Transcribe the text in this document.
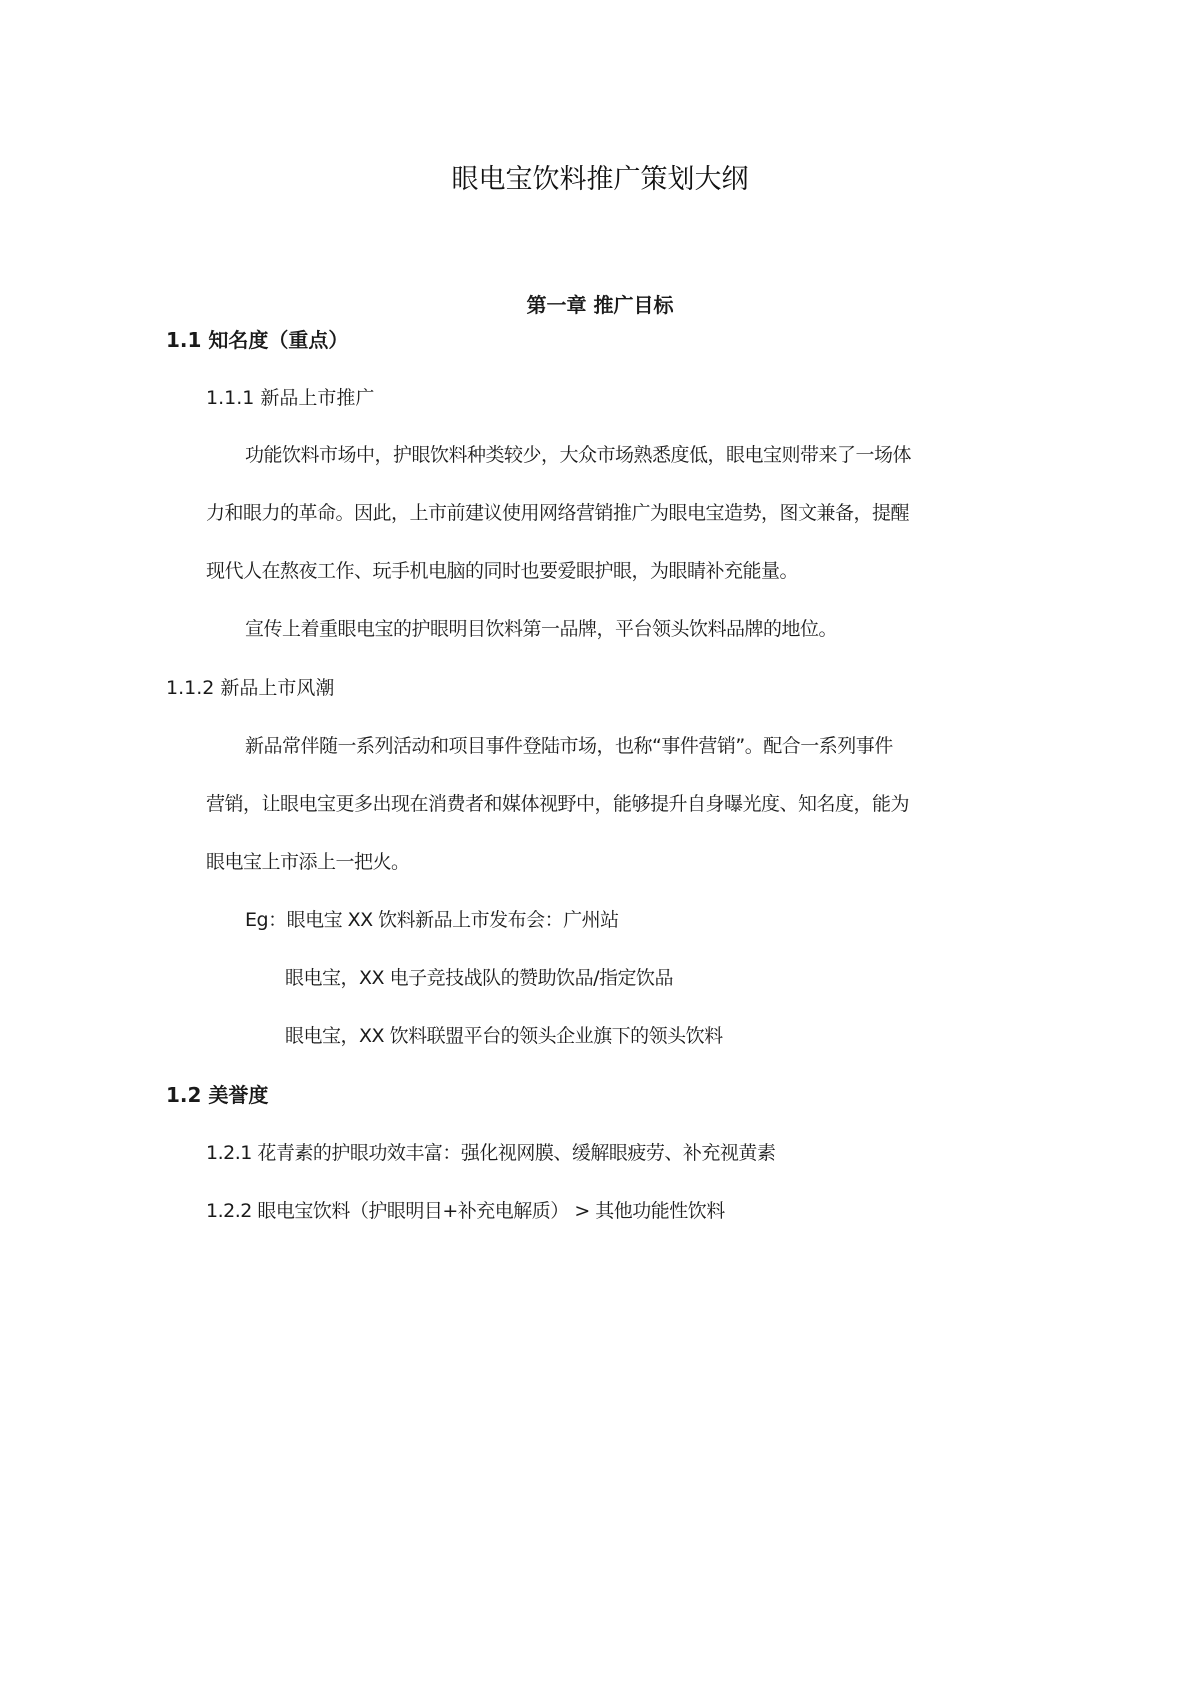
眼电宝饮料推广策划大纲
第一章 推广目标
1.1 知名度（重点）
1.1.1 新品上市推广
功能饮料市场中，护眼饮料种类较少，大众市场熟悉度低，眼电宝则带来了一场体
力和眼力的革命。因此，上市前建议使用网络营销推广为眼电宝造势，图文兼备，提醒
现代人在熬夜工作、玩手机电脑的同时也要爱眼护眼，为眼睛补充能量。
宣传上着重眼电宝的护眼明目饮料第一品牌，平台领头饮料品牌的地位。
1.1.2 新品上市风潮
新品常伴随一系列活动和项目事件登陆市场，也称“事件营销”。配合一系列事件
营销，让眼电宝更多出现在消费者和媒体视野中，能够提升自身曝光度、知名度，能为
眼电宝上市添上一把火。
Eg：眼电宝 XX 饮料新品上市发布会：广州站
眼电宝，XX 电子竞技战队的赞助饮品/指定饮品
眼电宝，XX 饮料联盟平台的领头企业旗下的领头饮料
1.2 美誉度
1.2.1 花青素的护眼功效丰富：强化视网膜、缓解眼疲劳、补充视黄素
1.2.2 眼电宝饮料（护眼明目+补充电解质） > 其他功能性饮料
